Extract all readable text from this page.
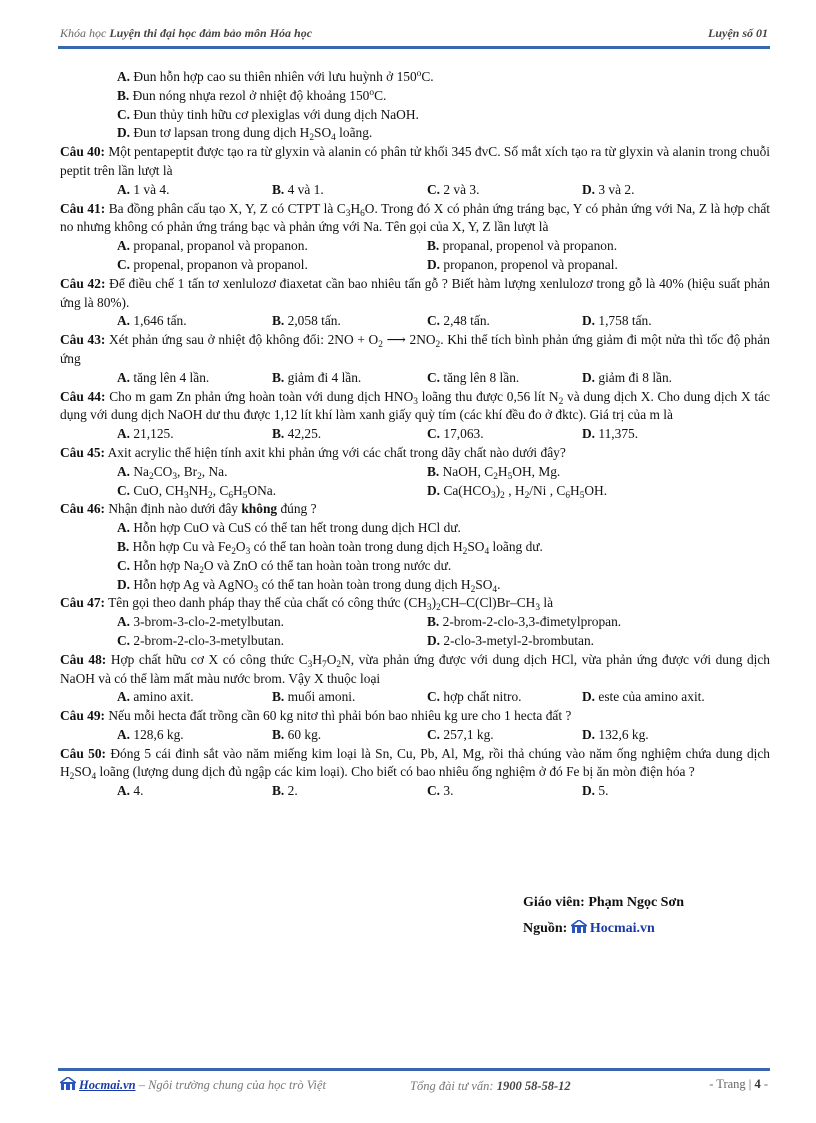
Khóa học Luyện thi đại học đảm bảo môn Hóa học	Luyện số 01
A. Đun hỗn hợp cao su thiên nhiên với lưu huỳnh ở 150$^o$C.
B. Đun nóng nhựa rezol ở nhiệt độ khoảng 150$^o$C.
C. Đun thủy tinh hữu cơ plexiglas với dung dịch NaOH.
D. Đun tơ lapsan trong dung dịch $H_2SO_4$ loãng.
Câu 40: Một pentapeptit được tạo ra từ glyxin và alanin có phân tử khối 345 đvC. Số mắt xích tạo ra từ glyxin và alanin trong chuỗi peptit trên lần lượt là
A. 1 và 4.	B. 4 và 1.	C. 2 và 3.	D. 3 và 2.
Câu 41: Ba đồng phân cấu tạo X, Y, Z có CTPT là $C_3H_6O$. Trong đó X có phản ứng tráng bạc, Y có phản ứng với Na, Z là hợp chất no nhưng không có phản ứng tráng bạc và phản ứng với Na. Tên gọi của X, Y, Z lần lượt là
A. propanal, propanol và propanon.	B. propanal, propenol và propanon.
C. propenal, propanon và propanol.	D. propanon, propenol và propanal.
Câu 42: Để điều chế 1 tấn tơ xenlulozơ điaxetat cần bao nhiêu tấn gỗ ? Biết hàm lượng xenlulozơ trong gỗ là 40% (hiệu suất phản ứng là 80%).
A. 1,646 tấn.	B. 2,058 tấn.	C. 2,48 tấn.	D. 1,758 tấn.
Câu 43: Xét phản ứng sau ở nhiệt độ không đổi: $2NO + O_2$ ⟶ $2NO_2$. Khi thể tích bình phản ứng giảm đi một nửa thì tốc độ phản ứng
A. tăng lên 4 lần.	B. giảm đi 4 lần.	C. tăng lên 8 lần.	D. giảm đi 8 lần.
Câu 44: Cho m gam Zn phản ứng hoàn toàn với dung dịch $HNO_3$ loãng thu được 0,56 lít $N_2$ và dung dịch X. Cho dung dịch X tác dụng với dung dịch NaOH dư thu được 1,12 lít khí làm xanh giấy quỳ tím (các khí đều đo ở đktc). Giá trị của m là
A. 21,125.	B. 42,25.	C. 17,063.	D. 11,375.
Câu 45: Axit acrylic thể hiện tính axit khi phản ứng với các chất trong dãy chất nào dưới đây?
A. $Na_2CO_3$, $Br_2$, Na.	B. NaOH, $C_2H_5OH$, Mg.
C. CuO, $CH_3NH_2$, $C_6H_5ONa$.	D. $Ca(HCO_3)_2$ , $H_2/Ni$ , $C_6H_5OH$.
Câu 46: Nhận định nào dưới đây không đúng ?
A. Hỗn hợp CuO và CuS có thể tan hết trong dung dịch HCl dư.
B. Hỗn hợp Cu và $Fe_2O_3$ có thể tan hoàn toàn trong dung dịch $H_2SO_4$ loãng dư.
C. Hỗn hợp $Na_2O$ và ZnO có thể tan hoàn toàn trong nước dư.
D. Hỗn hợp Ag và AgNO$_3$ có thể tan hoàn toàn trong dung dịch $H_2SO_4$.
Câu 47: Tên gọi theo danh pháp thay thế của chất có công thức $(CH_3)_2CH-C(Cl)Br-CH_3$ là
A. 3-brom-3-clo-2-metylbutan.	B. 2-brom-2-clo-3,3-đimetylpropan.
C. 2-brom-2-clo-3-metylbutan.	D. 2-clo-3-metyl-2-brombutan.
Câu 48: Hợp chất hữu cơ X có công thức $C_3H_7O_2N$, vừa phản ứng được với dung dịch HCl, vừa phản ứng được với dung dịch NaOH và có thể làm mất màu nước brom. Vậy X thuộc loại
A. amino axit.	B. muối amoni.	C. hợp chất nitro.	D. este của amino axit.
Câu 49: Nếu mỗi hecta đất trồng cần 60 kg nitơ thì phải bón bao nhiêu kg ure cho 1 hecta đất ?
A. 128,6 kg.	B. 60 kg.	C. 257,1 kg.	D. 132,6 kg.
Câu 50: Đóng 5 cái đinh sắt vào năm miếng kim loại là Sn, Cu, Pb, Al, Mg, rồi thả chúng vào năm ống nghiệm chứa dung dịch $H_2SO_4$ loãng (lượng dung dịch đủ ngập các kim loại). Cho biết có bao nhiêu ống nghiệm ở đó Fe bị ăn mòn điện hóa ?
A. 4.	B. 2.	C. 3.	D. 5.
Giáo viên: Phạm Ngọc Sơn
Nguồn: Hocmai.vn
Hocmai.vn – Ngôi trường chung của học trò Việt	Tổng đài tư vấn: 1900 58-58-12	- Trang | 4 -
